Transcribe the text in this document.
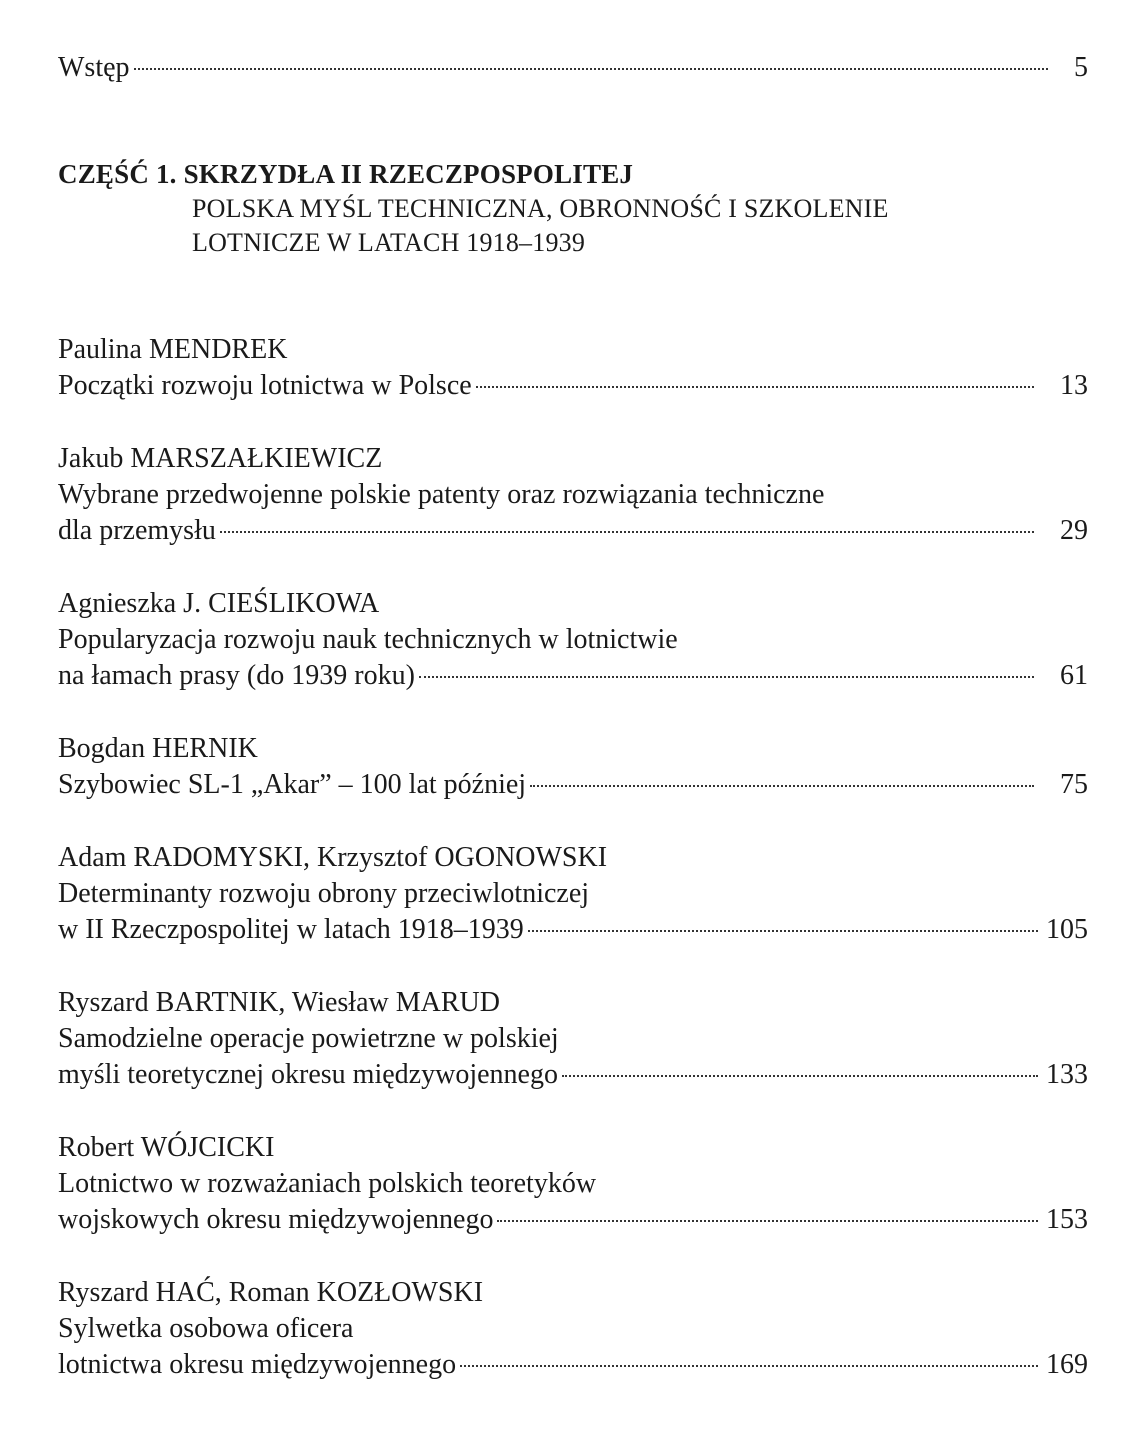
Wstęp	5
CZĘŚĆ 1. SKRZYDŁA II RZECZPOSPOLITEJ
POLSKA MYŚL TECHNICZNA, OBRONNOŚĆ I SZKOLENIE
LOTNICZE W LATACH 1918–1939
Paulina MENDREK
Początki rozwoju lotnictwa w Polsce	13
Jakub MARSZAŁKIEWICZ
Wybrane przedwojenne polskie patenty oraz rozwiązania techniczne
dla przemysłu	29
Agnieszka J. CIEŚLIKOWA
Popularyzacja rozwoju nauk technicznych w lotnictwie
na łamach prasy (do 1939 roku)	61
Bogdan HERNIK
Szybowiec SL-1 „Akar” – 100 lat później	75
Adam RADOMYSKI, Krzysztof OGONOWSKI
Determinanty rozwoju obrony przeciwlotniczej
w II Rzeczpospolitej w latach 1918–1939	105
Ryszard BARTNIK, Wiesław MARUD
Samodzielne operacje powietrzne w polskiej
myśli teoretycznej okresu międzywojennego	133
Robert WÓJCICKI
Lotnictwo w rozważaniach polskich teoretyków
wojskowych okresu międzywojennego	153
Ryszard HAĆ, Roman KOZŁOWSKI
Sylwetka osobowa oficera
lotnictwa okresu międzywojennego	169
